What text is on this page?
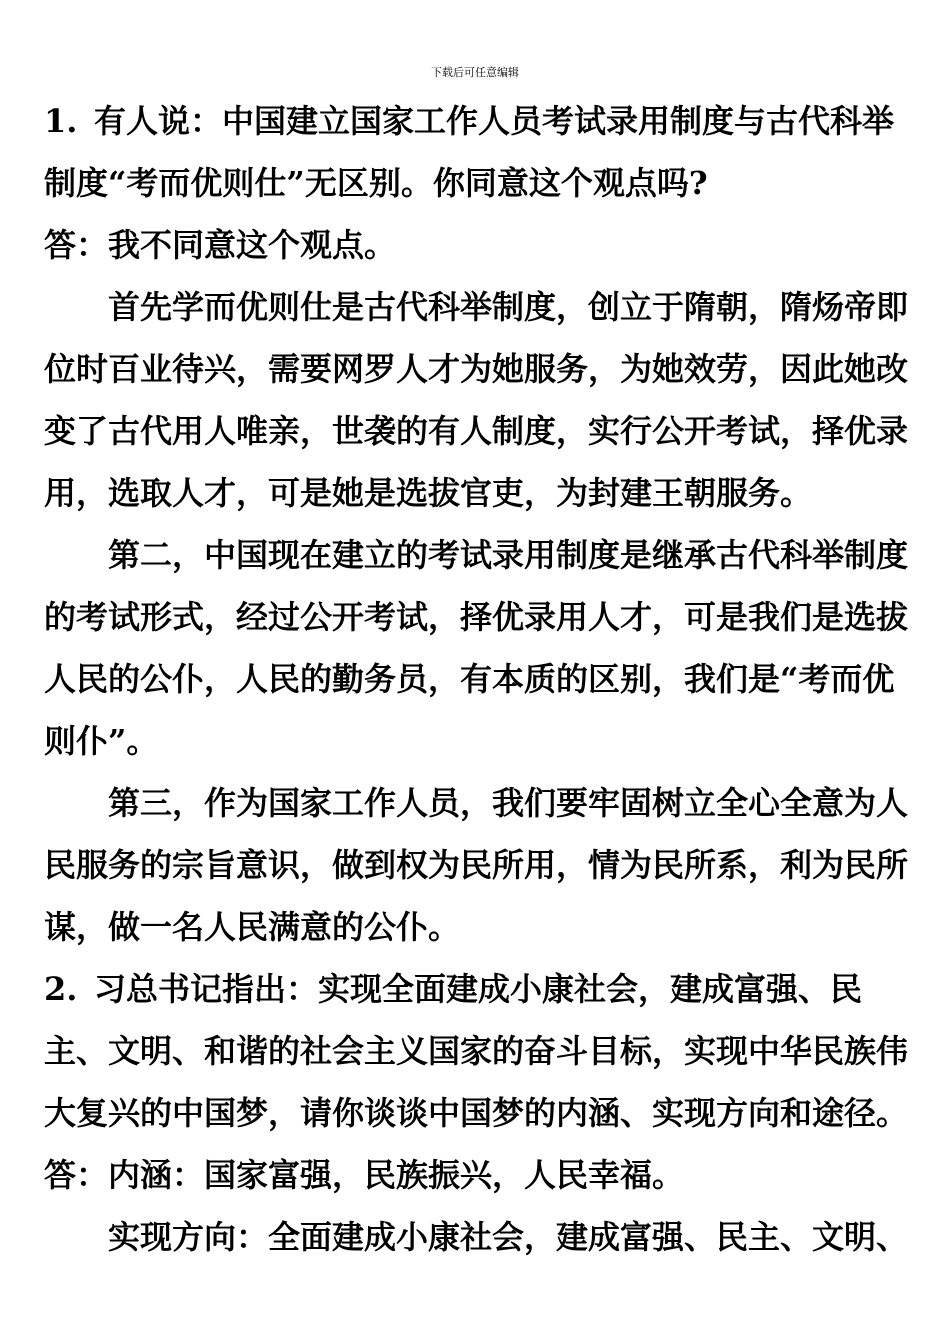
下载后可任意编辑

1. 有人说：中国建立国家工作人员考试录用制度与古代科举制度“考而优则仕”无区别。你同意这个观点吗?

答：我不同意这个观点。

首先学而优则仕是古代科举制度，创立于隋朝，隋炀帝即位时百业待兴，需要网罗人才为她服务，为她效劳，因此她改变了古代用人唯亲，世袭的有人制度，实行公开考试，择优录用，选取人才，可是她是选拔官吏，为封建王朝服务。

第二，中国现在建立的考试录用制度是继承古代科举制度的考试形式，经过公开考试，择优录用人才，可是我们是选拔人民的公仆，人民的勤务员，有本质的区别，我们是“考而优则仆”。

第三，作为国家工作人员，我们要牢固树立全心全意为人民服务的宗旨意识，做到权为民所用，情为民所系，利为民所谋，做一名人民满意的公仆。

2. 习总书记指出：实现全面建成小康社会，建成富强、民主、文明、和谐的社会主义国家的奋斗目标，实现中华民族伟大复兴的中国梦，请你谈谈中国梦的内涵、实现方向和途径。

答：内涵：国家富强，民族振兴，人民幸福。

实现方向：全面建成小康社会，建成富强、民主、文明、
